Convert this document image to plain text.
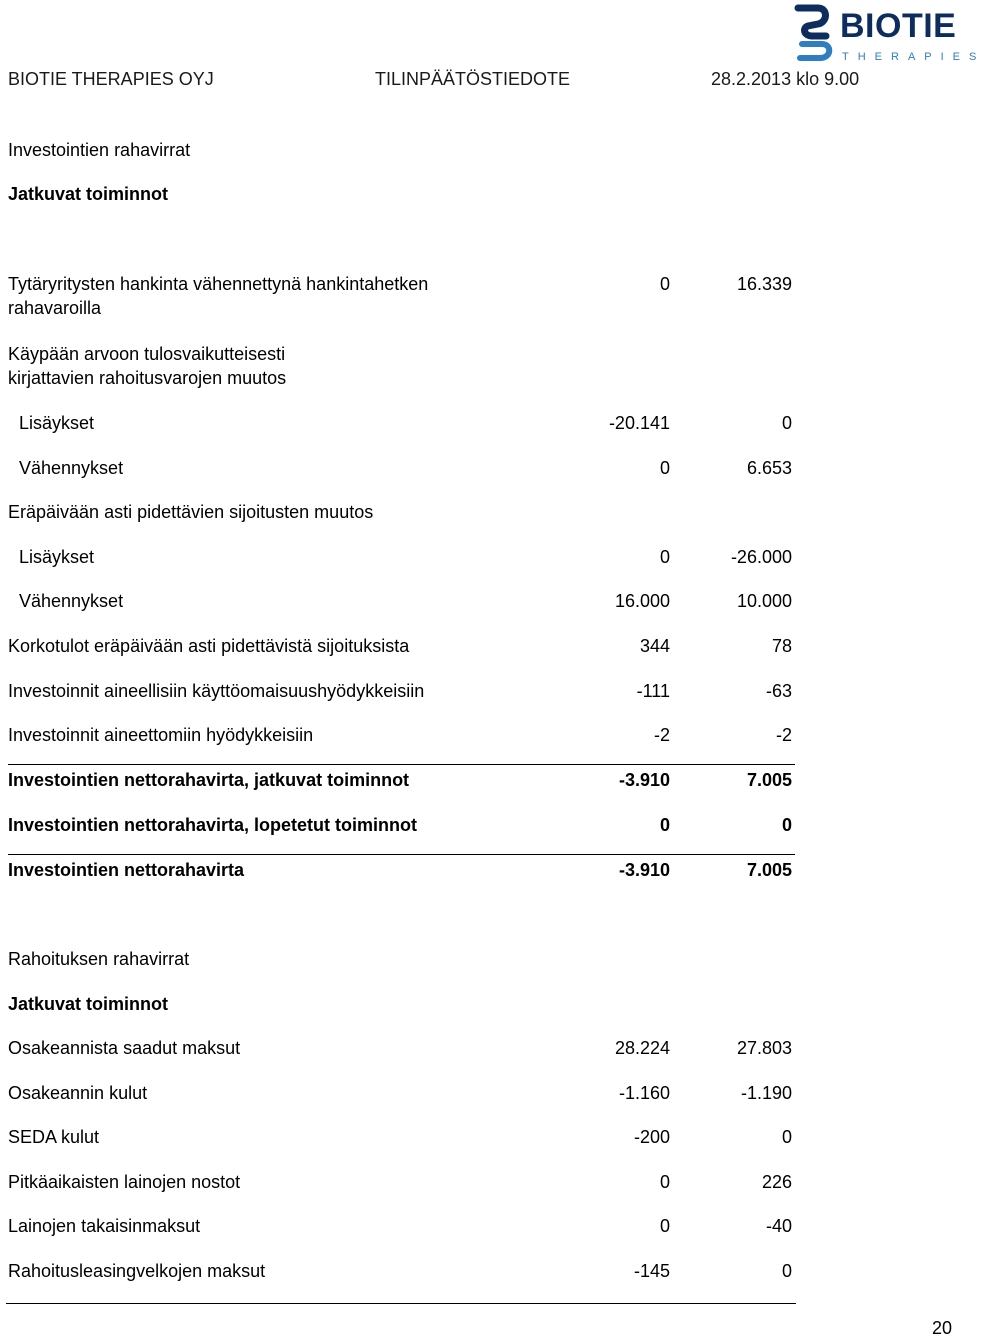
BIOTIE THERAPIES OYJ	TILINPÄÄTÖSTIEDOTE	28.2.2013 klo 9.00
BIOTIE
THERAPIES
Investointien rahavirrat
Jatkuvat toiminnot
Tytäryritysten hankinta vähennettynä hankintahetken	0	16.339
rahavaroilla
Käypään arvoon tulosvaikutteisesti
kirjattavien rahoitusvarojen muutos
Lisäykset	-20.141	0
Vähennykset	0	6.653
Eräpäivään asti pidettävien sijoitusten muutos
Lisäykset	0	-26.000
Vähennykset	16.000	10.000
Korkotulot eräpäivään asti pidettävistä sijoituksista	344	78
Investoinnit aineellisiin käyttöomaisuushyödykkeisiin	-111	-63
Investoinnit aineettomiin hyödykkeisiin	-2	-2
Investointien nettorahavirta, jatkuvat toiminnot	-3.910	7.005
Investointien nettorahavirta, lopetetut toiminnot	0	0
Investointien nettorahavirta	-3.910	7.005
Rahoituksen rahavirrat
Jatkuvat toiminnot
Osakeannista saadut maksut	28.224	27.803
Osakeannin kulut	-1.160	-1.190
SEDA kulut	-200	0
Pitkäaikaisten lainojen nostot	0	226
Lainojen takaisinmaksut	0	-40
Rahoitusleasingvelkojen maksut	-145	0
20
